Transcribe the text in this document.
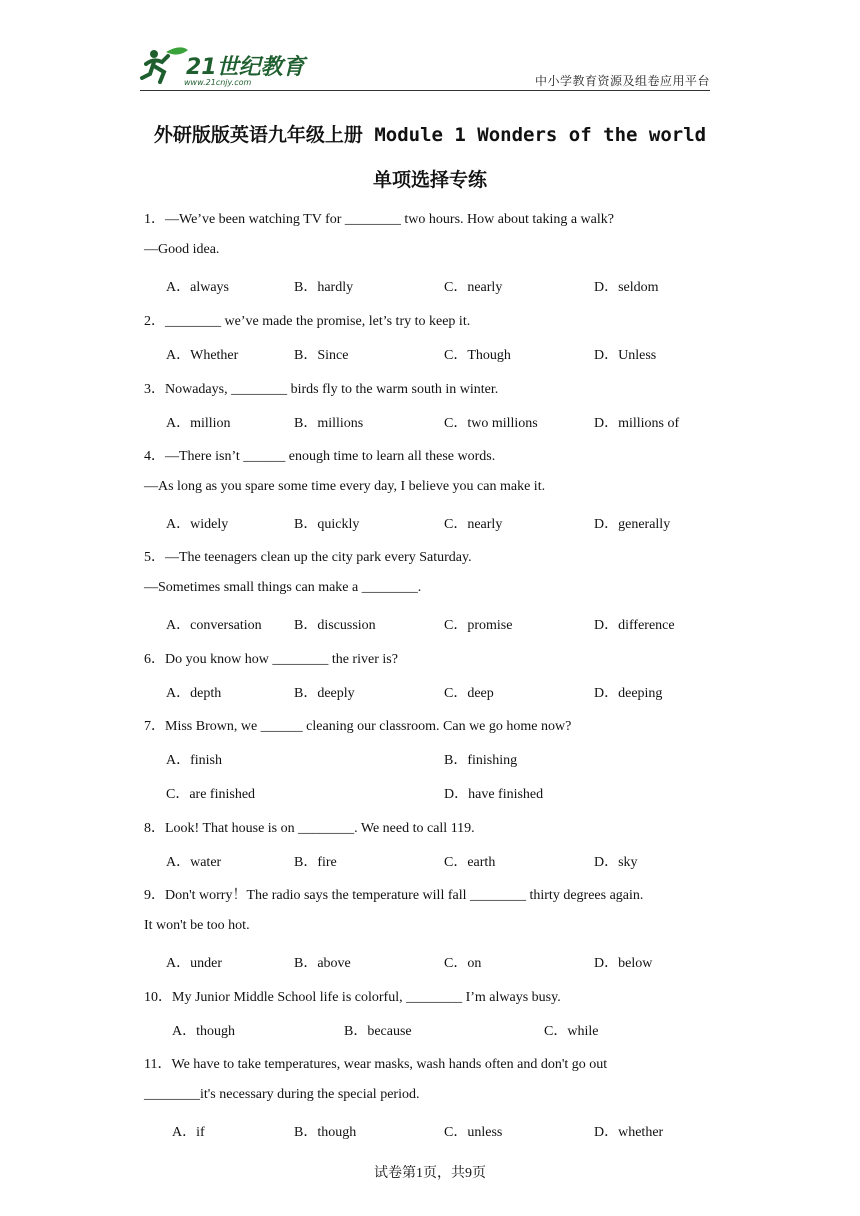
21世纪教育
www.21cnjy.com	中小学教育资源及组卷应用平台
外研版版英语九年级上册 Module 1 Wonders of the world
单项选择专练
1．—We’ve been watching TV for ________ two hours. How about taking a walk?
—Good idea.
A．always	B．hardly	C．nearly	D．seldom
2．________ we’ve made the promise, let’s try to keep it.
A．Whether	B．Since	C．Though	D．Unless
3．Nowadays, ________ birds fly to the warm south in winter.
A．million	B．millions	C．two millions	D．millions of
4．—There isn’t ______ enough time to learn all these words.
—As long as you spare some time every day, I believe you can make it.
A．widely	B．quickly	C．nearly	D．generally
5．—The teenagers clean up the city park every Saturday.
—Sometimes small things can make a ________.
A．conversation B．discussion	C．promise	D．difference
6．Do you know how ________ the river is?
A．depth	B．deeply	C．deep	D．deeping
7．Miss Brown, we ______ cleaning our classroom. Can we go home now?
A．finish	B．finishing
C．are finished	D．have finished
8．Look! That house is on ________. We need to call 119.
A．water	B．fire	C．earth	D．sky
9．Don't worry！The radio says the temperature will fall ________ thirty degrees again.
It won't be too hot.
A．under	B．above	C．on	D．below
10．My Junior Middle School life is colorful, ________ I’m always busy.
A．though	B．because	C．while
11．We have to take temperatures, wear masks, wash hands often and don't go out
________it's necessary during the special period.
A．if	B．though	C．unless	D．whether
试卷第1页，共9页
